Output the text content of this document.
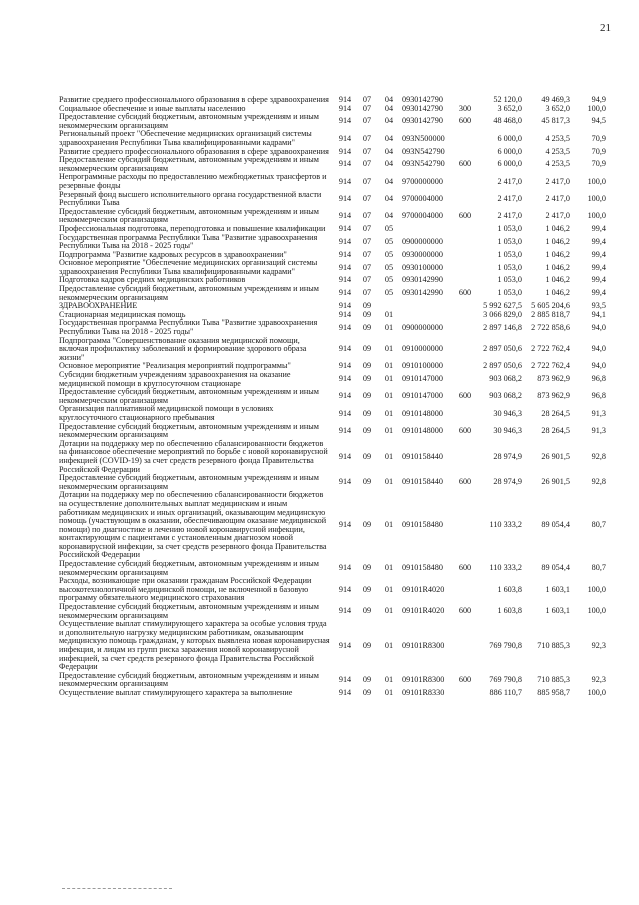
21
Развитие среднего профессионального образования в сфере здравоохранения	914	07	04	0930142790		52 120,0	49 469,3	94,9
Социальное обеспечение и иные выплаты населению	914	07	04	0930142790	300	3 652,0	3 652,0	100,0
Предоставление субсидий бюджетным, автономным учреждениям и иным некоммерческим организациям	914	07	04	0930142790	600	48 468,0	45 817,3	94,5
Региональный проект "Обеспечение медицинских организаций системы здравоохранения Республики Тыва квалифицированными кадрами"	914	07	04	093N500000		6 000,0	4 253,5	70,9
Развитие среднего профессионального образования в сфере здравоохранения	914	07	04	093N542790		6 000,0	4 253,5	70,9
Предоставление субсидий бюджетным, автономным учреждениям и иным некоммерческим организациям	914	07	04	093N542790	600	6 000,0	4 253,5	70,9
Непрограммные расходы по предоставлению межбюджетных трансфертов и резервные фонды	914	07	04	9700000000		2 417,0	2 417,0	100,0
Резервный фонд высшего исполнительного органа государственной власти Республики Тыва	914	07	04	9700004000		2 417,0	2 417,0	100,0
Предоставление субсидий бюджетным, автономным учреждениям и иным некоммерческим организациям	914	07	04	9700004000	600	2 417,0	2 417,0	100,0
Профессиональная подготовка, переподготовка и повышение квалификации	914	07	05			1 053,0	1 046,2	99,4
Государственная программа Республики Тыва "Развитие здравоохранения Республики Тыва на 2018 - 2025 годы"	914	07	05	0900000000		1 053,0	1 046,2	99,4
Подпрограмма "Развитие кадровых ресурсов в здравоохранении"	914	07	05	0930000000		1 053,0	1 046,2	99,4
Основное мероприятие "Обеспечение медицинских организаций системы здравоохранения Республики Тыва квалифицированными кадрами"	914	07	05	0930100000		1 053,0	1 046,2	99,4
Подготовка кадров средних медицинских работников	914	07	05	0930142990		1 053,0	1 046,2	99,4
Предоставление субсидий бюджетным, автономным учреждениям и иным некоммерческим организациям	914	07	05	0930142990	600	1 053,0	1 046,2	99,4
ЗДРАВООХРАНЕНИЕ	914	09				5 992 627,5	5 605 204,6	93,5
Стационарная медицинская помощь	914	09	01			3 066 829,0	2 885 818,7	94,1
Государственная программа Республики Тыва "Развитие здравоохранения Республики Тыва на 2018 - 2025 годы"	914	09	01	0900000000		2 897 146,8	2 722 858,6	94,0
Подпрограмма "Совершенствование оказания медицинской помощи, включая профилактику заболеваний и формирование здорового образа жизни"	914	09	01	0910000000		2 897 050,6	2 722 762,4	94,0
Основное мероприятие "Реализация мероприятий подпрограммы"	914	09	01	0910100000		2 897 050,6	2 722 762,4	94,0
Субсидии бюджетным учреждениям здравоохранения на оказание медицинской помощи в круглосуточном стационаре	914	09	01	0910147000		903 068,2	873 962,9	96,8
Предоставление субсидий бюджетным, автономным учреждениям и иным некоммерческим организациям	914	09	01	0910147000	600	903 068,2	873 962,9	96,8
Организация паллиативной медицинской помощи в условиях круглосуточного стационарного пребывания	914	09	01	0910148000		30 946,3	28 264,5	91,3
Предоставление субсидий бюджетным, автономным учреждениям и иным некоммерческим организациям	914	09	01	0910148000	600	30 946,3	28 264,5	91,3
Дотации на поддержку мер по обеспечению сбалансированности бюджетов на финансовое обеспечение мероприятий по борьбе с новой коронавирусной инфекцией (COVID-19) за счет средств резервного фонда Правительства Российской Федерации	914	09	01	0910158440		28 974,9	26 901,5	92,8
Предоставление субсидий бюджетным, автономным учреждениям и иным некоммерческим организациям	914	09	01	0910158440	600	28 974,9	26 901,5	92,8
Дотации на поддержку мер по обеспечению сбалансированности бюджетов на осуществление дополнительных выплат медицинским и иным работникам медицинских и иных организаций, оказывающим медицинскую помощь (участвующим в оказании, обеспечивающим оказание медицинской помощи) по диагностике и лечению новой коронавирусной инфекции, контактирующим с пациентами с установленным диагнозом новой коронавирусной инфекции, за счет средств резервного фонда Правительства Российской Федерации	914	09	01	0910158480		110 333,2	89 054,4	80,7
Предоставление субсидий бюджетным, автономным учреждениям и иным некоммерческим организациям	914	09	01	0910158480	600	110 333,2	89 054,4	80,7
Расходы, возникающие при оказании гражданам Российской Федерации высокотехнологичной медицинской помощи, не включенной в базовую программу обязательного медицинского страхования	914	09	01	09101R4020		1 603,8	1 603,1	100,0
Предоставление субсидий бюджетным, автономным учреждениям и иным некоммерческим организациям	914	09	01	09101R4020	600	1 603,8	1 603,1	100,0
Осуществление выплат стимулирующего характера за особые условия труда и дополнительную нагрузку медицинским работникам, оказывающим медицинскую помощь гражданам, у которых выявлена новая коронавирусная инфекция, и лицам из групп риска заражения новой коронавирусной инфекцией, за счет средств резервного фонда Правительства Российской Федерации	914	09	01	09101R8300		769 790,8	710 885,3	92,3
Предоставление субсидий бюджетным, автономным учреждениям и иным некоммерческим организациям	914	09	01	09101R8300	600	769 790,8	710 885,3	92,3
Осуществление выплат стимулирующего характера за выполнение	914	09	01	09101R8330		886 110,7	885 958,7	100,0
